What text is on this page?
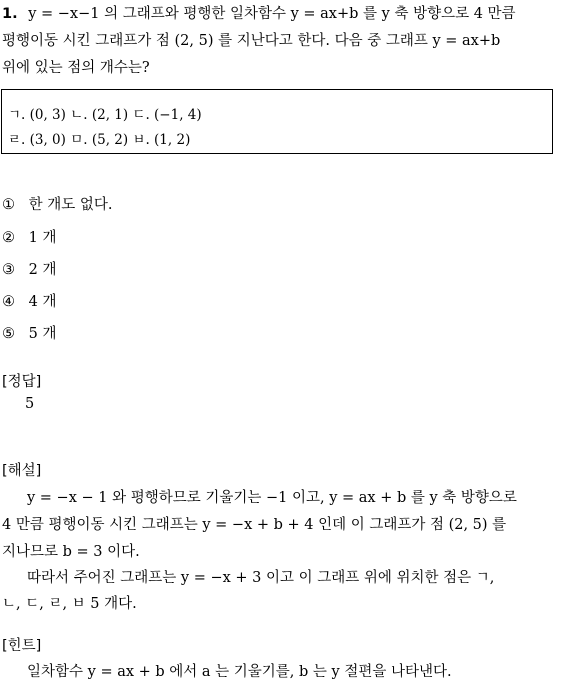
1. y = −x−1 의 그래프와 평행한 일차함수 y = ax+b 를 y 축 방향으로 4 만큼
평행이동 시킨 그래프가 점 (2, 5) 를 지난다고 한다. 다음 중 그래프 y = ax+b
위에 있는 점의 개수는?
ㄱ. (0, 3) ㄴ. (2, 1) ㄷ. (−1, 4)
ㄹ. (3, 0) ㅁ. (5, 2) ㅂ. (1, 2)
① 한 개도 없다.
② 1 개
③ 2 개
④ 4 개
⑤ 5 개
[정답]
5
[해설]
y = −x − 1 와 평행하므로 기울기는 −1 이고, y = ax + b 를 y 축 방향으로
4 만큼 평행이동 시킨 그래프는 y = −x + b + 4 인데 이 그래프가 점 (2, 5) 를
지나므로 b = 3 이다.
따라서 주어진 그래프는 y = −x + 3 이고 이 그래프 위에 위치한 점은 ㄱ,
ㄴ, ㄷ, ㄹ, ㅂ 5 개다.
[힌트]
일차함수 y = ax + b 에서 a 는 기울기를, b 는 y 절편을 나타낸다.
